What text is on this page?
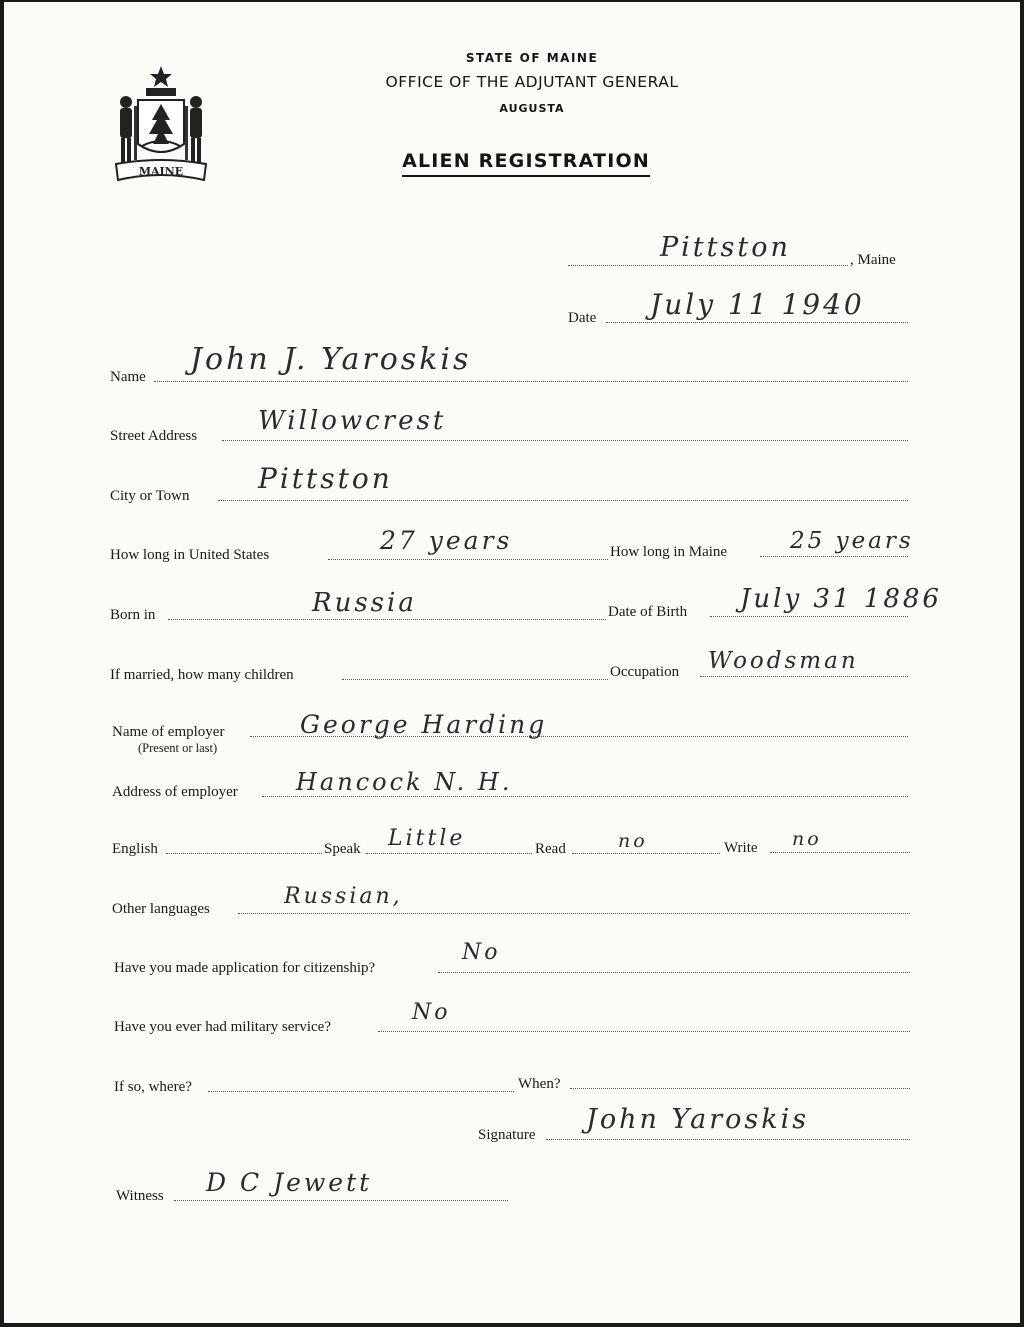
MAINE
STATE OF MAINE
OFFICE OF THE ADJUTANT GENERAL
AUGUSTA
ALIEN REGISTRATION
Pittston	, Maine
Date July 11 1940
Name John J. Yaroskis
Street Address Willowcrest
City or Town
Pittston
How long in United States	27 years	How long in Maine	25 years
Born in	Russia	Date of Birth July 31 1886
If married, how many children	Occupation Woodsman
Name of employer
(Present or last)
George Harding
Address of employer Hancock N. H.
English	Speak Little	Read	no	Write no
Other languages	Russian,
Have you made application for citizenship?
No
Have you ever had military service?
No
If so, where?	When?
Signature John Yaroskis
Witness D C Jewett
